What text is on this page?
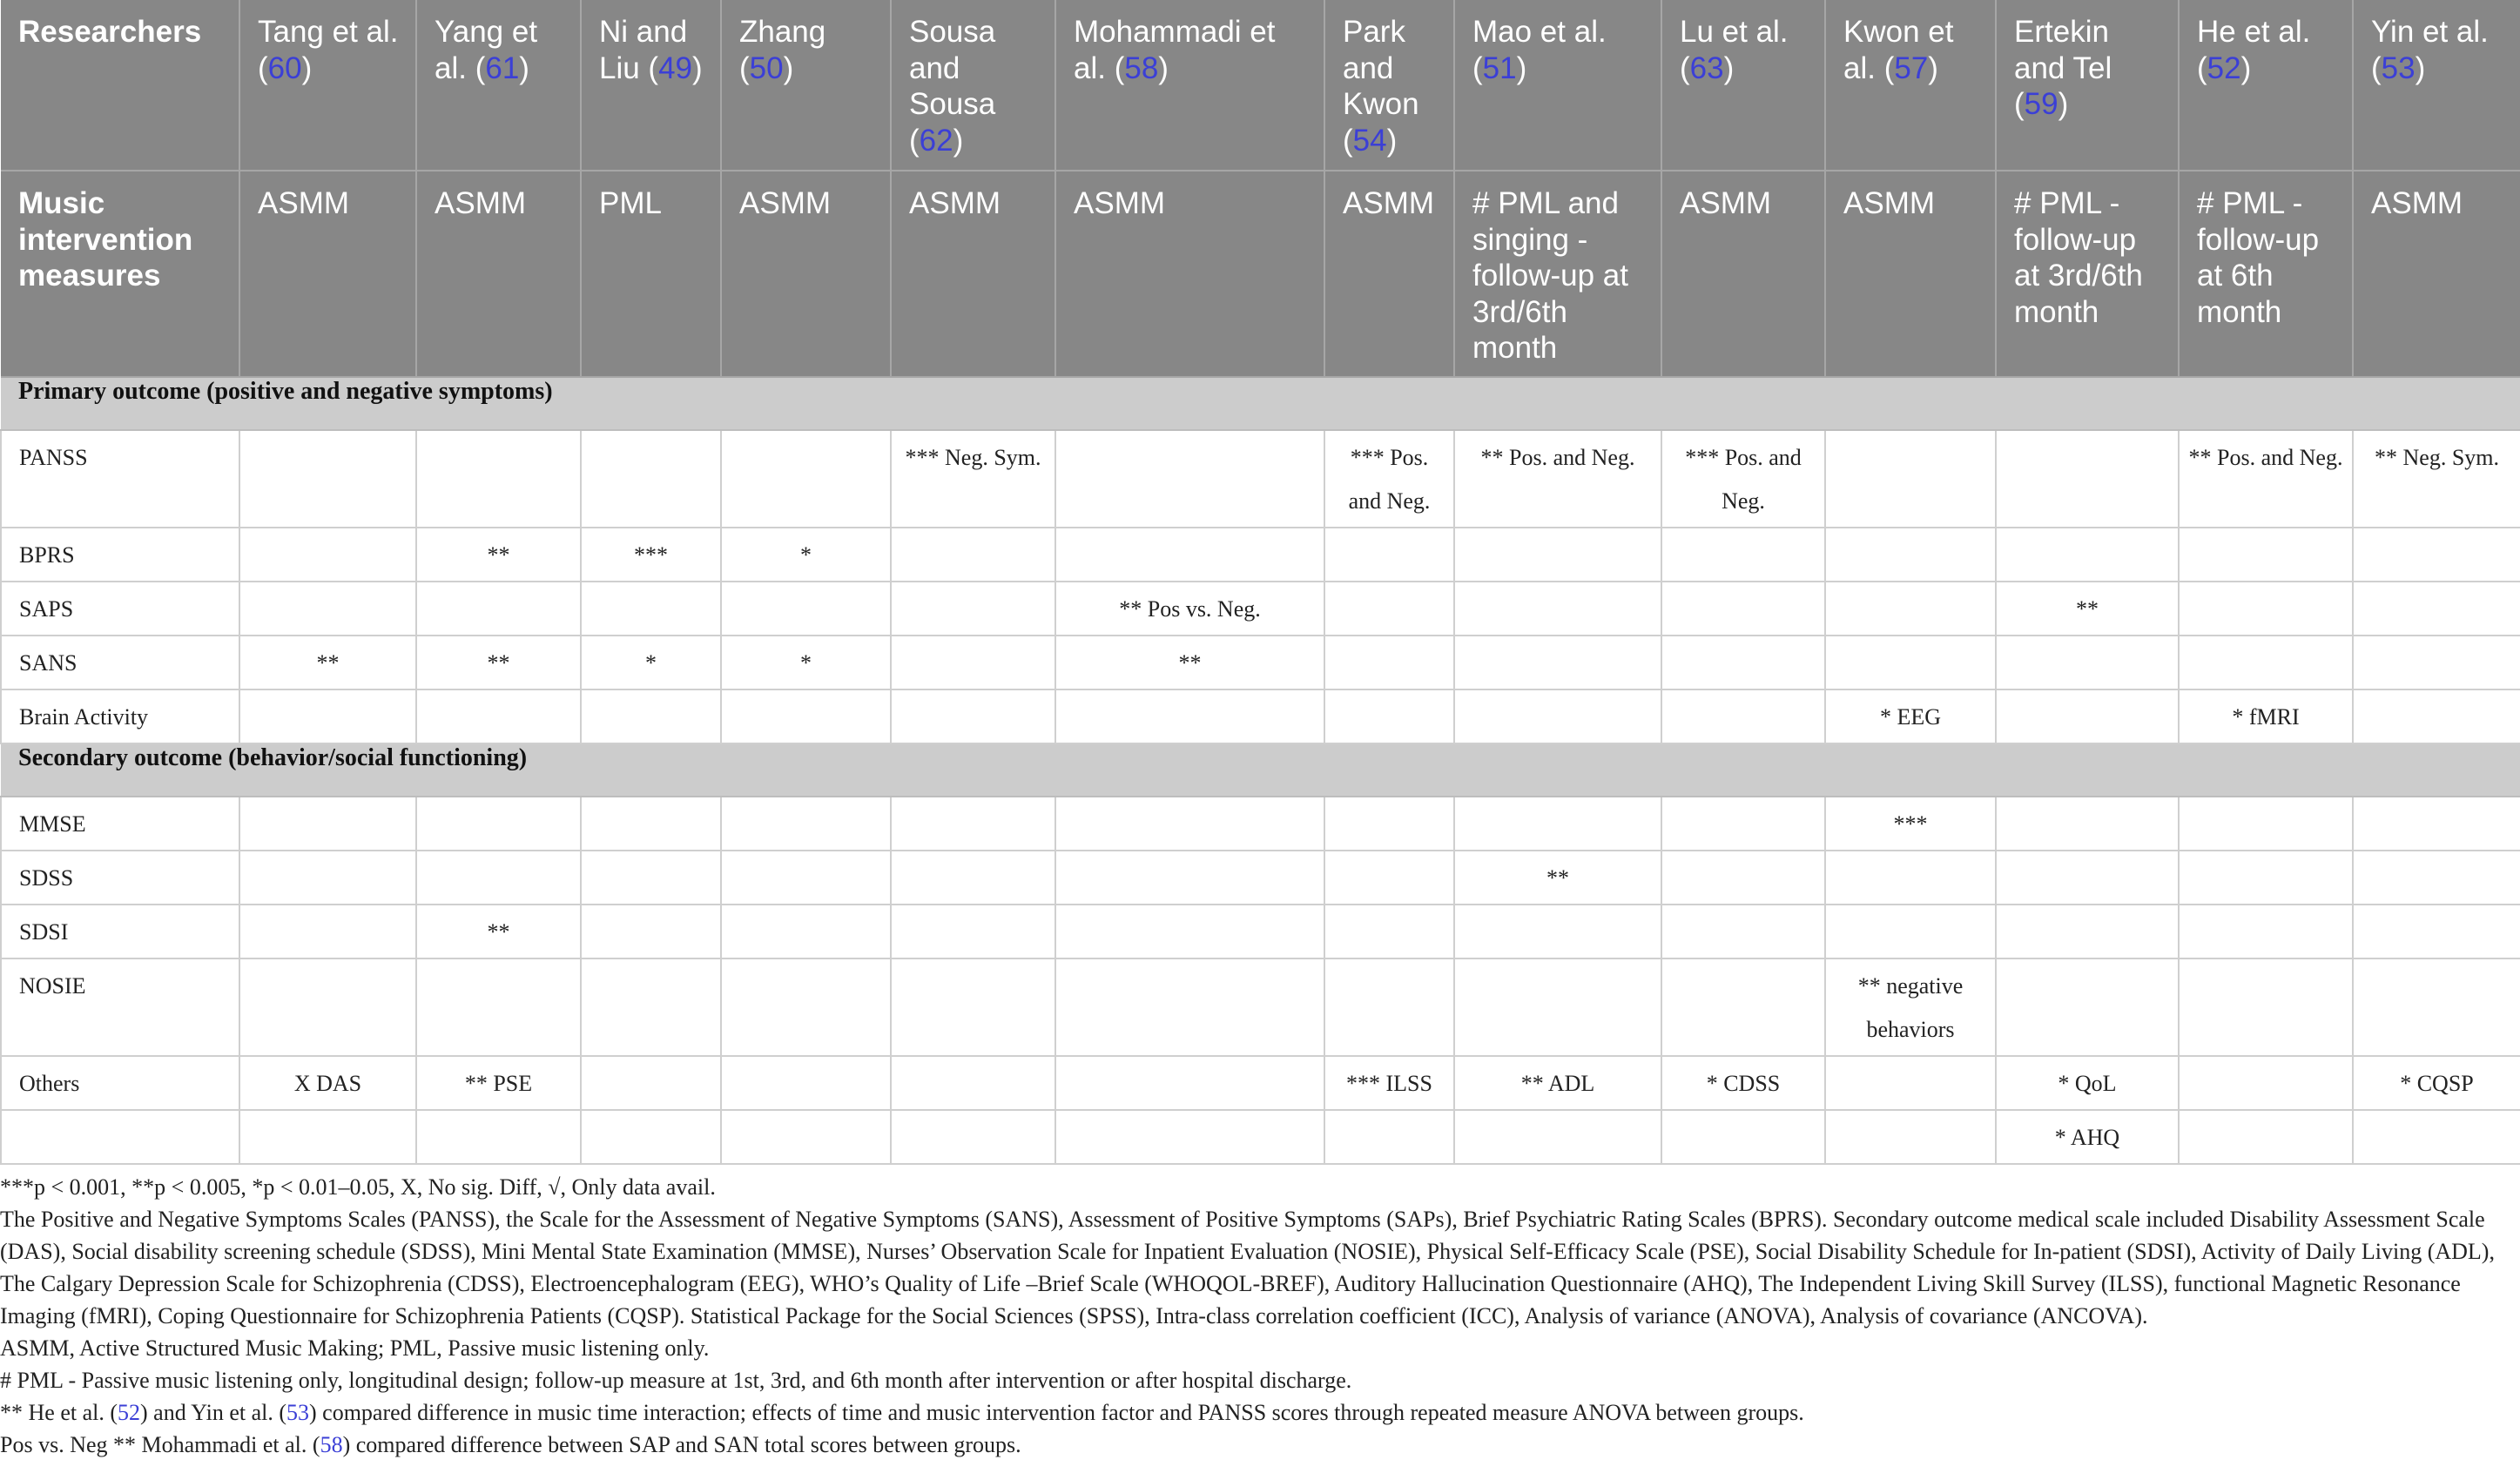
Researchers	Tang et al. (60)	Yang et al. (61)	Ni and Liu (49)	Zhang (50)	Sousa and Sousa (62)	Mohammadi et al. (58)	Park and Kwon (54)	Mao et al. (51)	Lu et al. (63)	Kwon et al. (57)	Ertekin and Tel (59)	He et al. (52)	Yin et al. (53)
Music intervention measures	ASMM	ASMM	PML	ASMM	ASMM	ASMM	ASMM	# PML and singing - follow-up at 3rd/6th month	ASMM	ASMM	# PML - follow-up at 3rd/6th month	# PML - follow-up at 6th month	ASMM
Primary outcome (positive and negative symptoms)													
PANSS					*** Neg. Sym.		*** Pos. and Neg.	** Pos. and Neg.	*** Pos. and Neg.			** Pos. and Neg.	** Neg. Sym.
BPRS		**	***	*									
SAPS						** Pos vs. Neg.					**		
SANS	**	**	*	*		**							
Brain Activity										* EEG		* fMRI	
Secondary outcome (behavior/social functioning)													
MMSE										***			
SDSS								**					
SDSI		**											
NOSIE										** negative behaviors			
Others	X DAS	** PSE					*** ILSS	** ADL	* CDSS		* QoL		* CQSP
											* AHQ		

***p < 0.001, **p < 0.005, *p < 0.01–0.05, X, No sig. Diff, √, Only data avail.

The Positive and Negative Symptoms Scales (PANSS), the Scale for the Assessment of Negative Symptoms (SANS), Assessment of Positive Symptoms (SAPs), Brief Psychiatric Rating Scales (BPRS). Secondary outcome medical scale included Disability Assessment Scale (DAS), Social disability screening schedule (SDSS), Mini Mental State Examination (MMSE), Nurses’ Observation Scale for Inpatient Evaluation (NOSIE), Physical Self-Efficacy Scale (PSE), Social Disability Schedule for In-patient (SDSI), Activity of Daily Living (ADL), The Calgary Depression Scale for Schizophrenia (CDSS), Electroencephalogram (EEG), WHO’s Quality of Life –Brief Scale (WHOQOL-BREF), Auditory Hallucination Questionnaire (AHQ), The Independent Living Skill Survey (ILSS), functional Magnetic Resonance Imaging (fMRI), Coping Questionnaire for Schizophrenia Patients (CQSP). Statistical Package for the Social Sciences (SPSS), Intra-class correlation coefficient (ICC), Analysis of variance (ANOVA), Analysis of covariance (ANCOVA).

ASMM, Active Structured Music Making; PML, Passive music listening only.

# PML - Passive music listening only, longitudinal design; follow-up measure at 1st, 3rd, and 6th month after intervention or after hospital discharge.

** He et al. (52) and Yin et al. (53) compared difference in music time interaction; effects of time and music intervention factor and PANSS scores through repeated measure ANOVA between groups.

Pos vs. Neg ** Mohammadi et al. (58) compared difference between SAP and SAN total scores between groups.
